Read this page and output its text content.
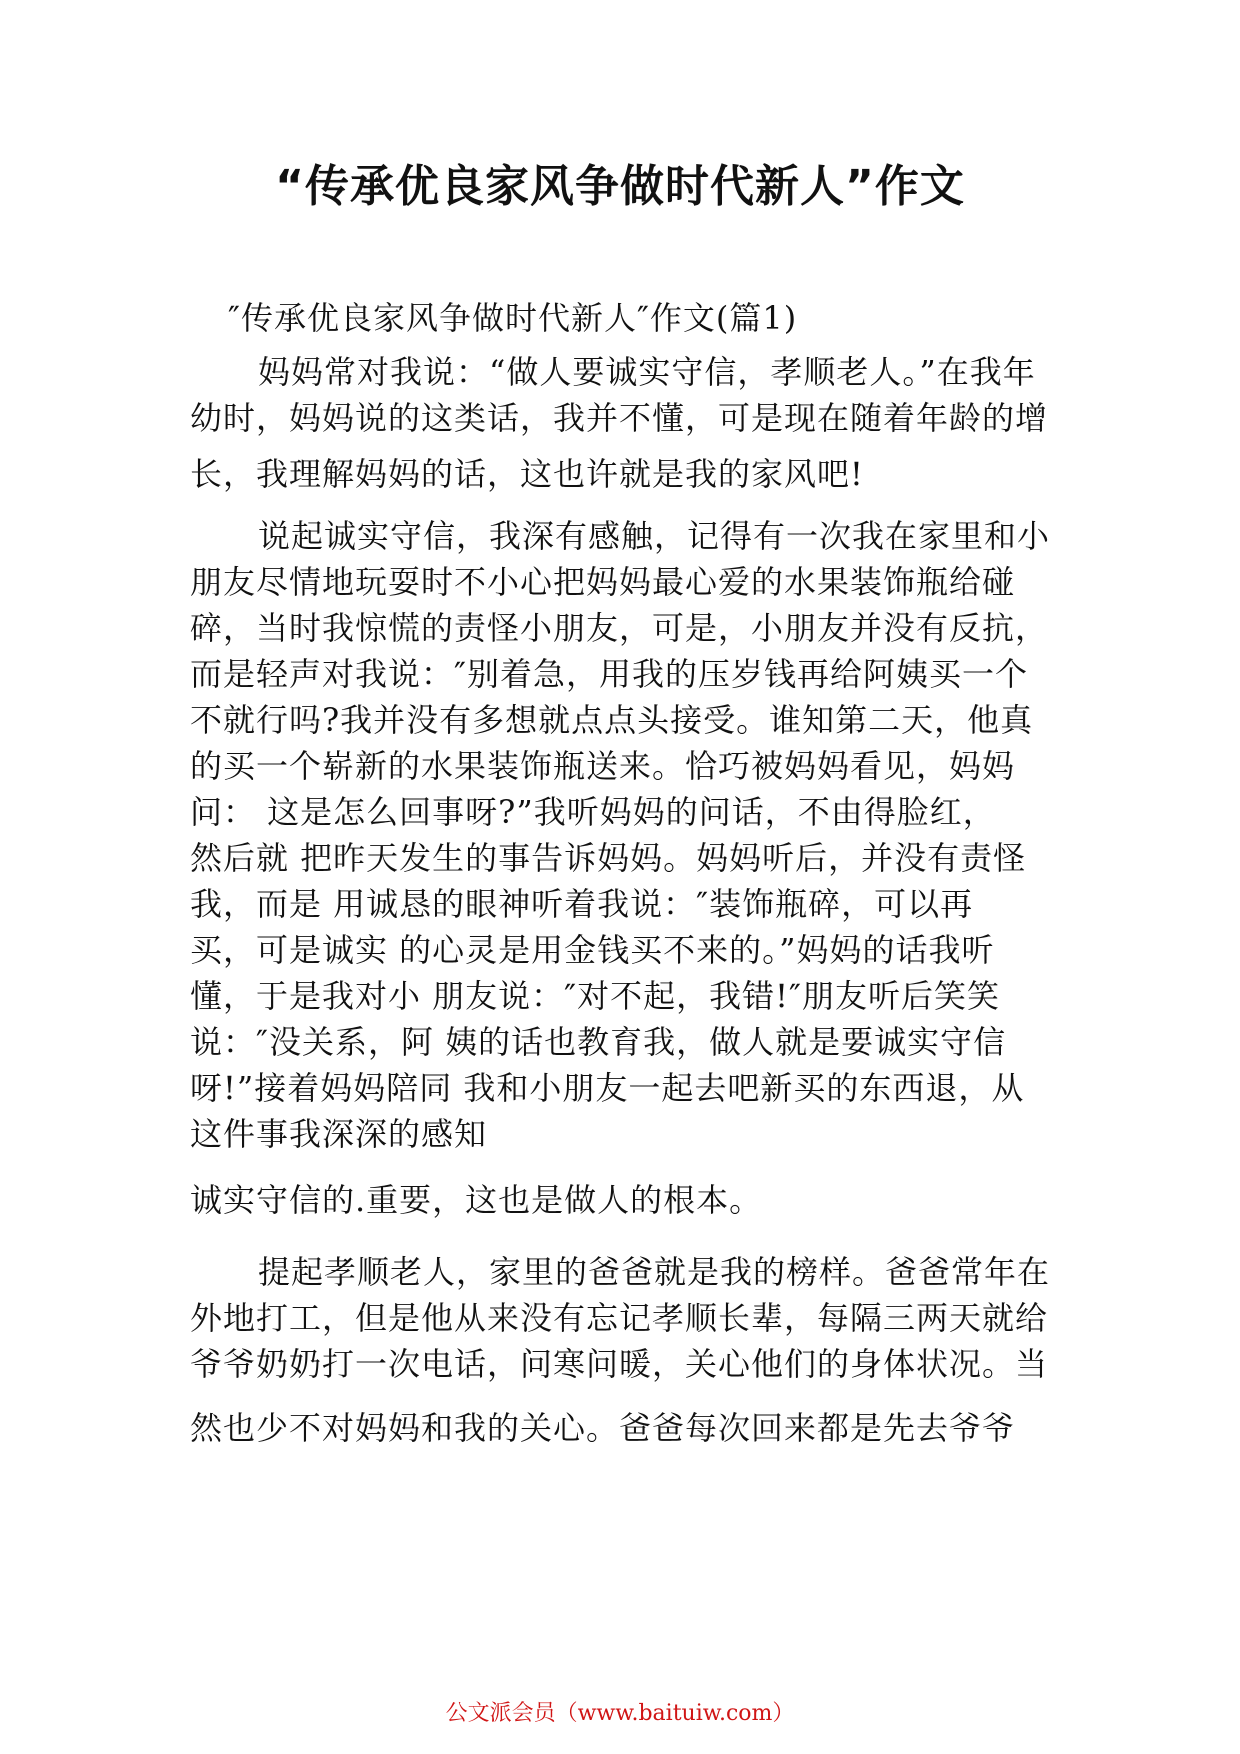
“传承优良家风争做时代新人”作文

″传承优良家风争做时代新人″作文(篇1)

妈妈常对我说：“做人要诚实守信，孝顺老人。”在我年

幼时，妈妈说的这类话，我并不懂，可是现在随着年龄的增

长，我理解妈妈的话，这也许就是我的家风吧!

说起诚实守信，我深有感触，记得有一次我在家里和小

朋友尽情地玩耍时不小心把妈妈最心爱的水果装饰瓶给碰

碎，当时我惊慌的责怪小朋友，可是，小朋友并没有反抗，

而是轻声对我说：″别着急，用我的压岁钱再给阿姨买一个

不就行吗?我并没有多想就点点头接受。谁知第二天，他真

的买一个崭新的水果装饰瓶送来。恰巧被妈妈看见，妈妈

问： 这是怎么回事呀?”我听妈妈的问话，不由得脸红，

然后就 把昨天发生的事告诉妈妈。妈妈听后，并没有责怪

我，而是 用诚恳的眼神听着我说：″装饰瓶碎，可以再

买，可是诚实 的心灵是用金钱买不来的。”妈妈的话我听

懂，于是我对小 朋友说：″对不起，我错!″朋友听后笑笑

说：″没关系，阿 姨的话也教育我，做人就是要诚实守信

呀!”接着妈妈陪同 我和小朋友一起去吧新买的东西退，从

这件事我深深的感知

诚实守信的.重要，这也是做人的根本。

提起孝顺老人，家里的爸爸就是我的榜样。爸爸常年在

外地打工，但是他从来没有忘记孝顺长辈，每隔三两天就给

爷爷奶奶打一次电话，问寒问暖，关心他们的身体状况。当

然也少不对妈妈和我的关心。爸爸每次回来都是先去爷爷

公文派会员（www.baituiw.com）
